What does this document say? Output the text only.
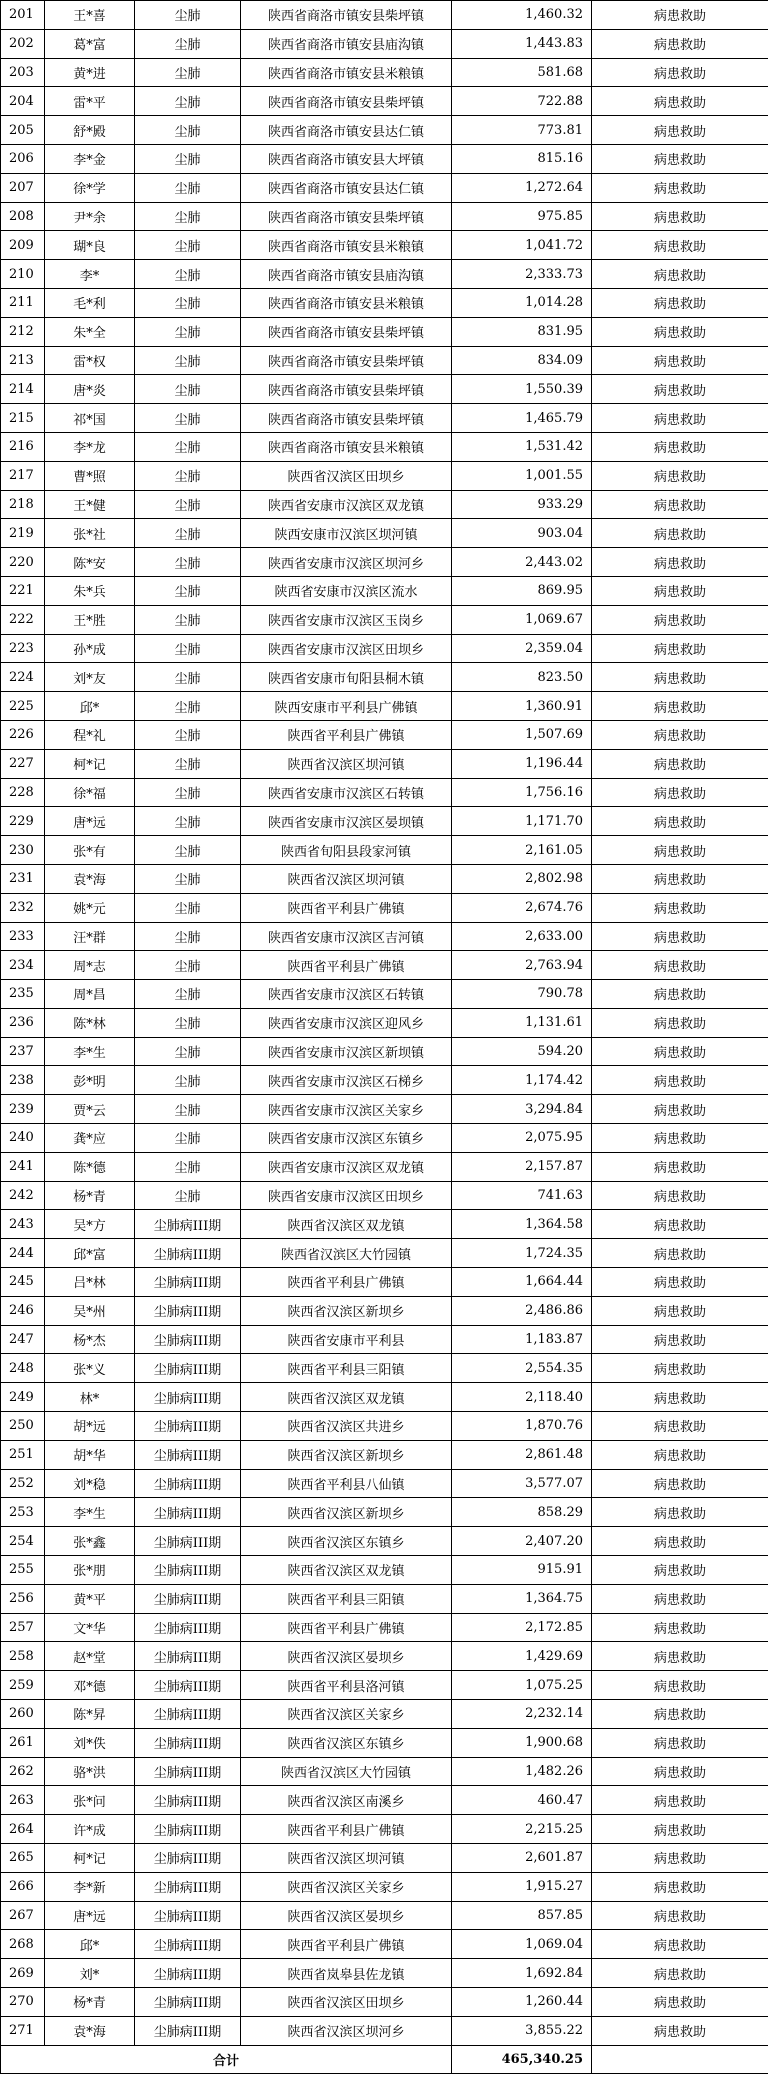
201	王*喜	尘肺	陕西省商洛市镇安县柴坪镇	1,460.32	病患救助
202	葛*富	尘肺	陕西省商洛市镇安县庙沟镇	1,443.83	病患救助
203	黄*进	尘肺	陕西省商洛市镇安县米粮镇	581.68	病患救助
204	雷*平	尘肺	陕西省商洛市镇安县柴坪镇	722.88	病患救助
205	舒*殿	尘肺	陕西省商洛市镇安县达仁镇	773.81	病患救助
206	李*金	尘肺	陕西省商洛市镇安县大坪镇	815.16	病患救助
207	徐*学	尘肺	陕西省商洛市镇安县达仁镇	1,272.64	病患救助
208	尹*余	尘肺	陕西省商洛市镇安县柴坪镇	975.85	病患救助
209	瑚*良	尘肺	陕西省商洛市镇安县米粮镇	1,041.72	病患救助
210	李*	尘肺	陕西省商洛市镇安县庙沟镇	2,333.73	病患救助
211	毛*利	尘肺	陕西省商洛市镇安县米粮镇	1,014.28	病患救助
212	朱*全	尘肺	陕西省商洛市镇安县柴坪镇	831.95	病患救助
213	雷*权	尘肺	陕西省商洛市镇安县柴坪镇	834.09	病患救助
214	唐*炎	尘肺	陕西省商洛市镇安县柴坪镇	1,550.39	病患救助
215	祁*国	尘肺	陕西省商洛市镇安县柴坪镇	1,465.79	病患救助
216	李*龙	尘肺	陕西省商洛市镇安县米粮镇	1,531.42	病患救助
217	曹*照	尘肺	陕西省汉滨区田坝乡	1,001.55	病患救助
218	王*健	尘肺	陕西省安康市汉滨区双龙镇	933.29	病患救助
219	张*社	尘肺	陕西安康市汉滨区坝河镇	903.04	病患救助
220	陈*安	尘肺	陕西省安康市汉滨区坝河乡	2,443.02	病患救助
221	朱*兵	尘肺	陕西省安康市汉滨区流水	869.95	病患救助
222	王*胜	尘肺	陕西省安康市汉滨区玉岗乡	1,069.67	病患救助
223	孙*成	尘肺	陕西省安康市汉滨区田坝乡	2,359.04	病患救助
224	刘*友	尘肺	陕西省安康市旬阳县桐木镇	823.50	病患救助
225	邱*	尘肺	陕西安康市平利县广佛镇	1,360.91	病患救助
226	程*礼	尘肺	陕西省平利县广佛镇	1,507.69	病患救助
227	柯*记	尘肺	陕西省汉滨区坝河镇	1,196.44	病患救助
228	徐*福	尘肺	陕西省安康市汉滨区石转镇	1,756.16	病患救助
229	唐*远	尘肺	陕西省安康市汉滨区晏坝镇	1,171.70	病患救助
230	张*有	尘肺	陕西省旬阳县段家河镇	2,161.05	病患救助
231	袁*海	尘肺	陕西省汉滨区坝河镇	2,802.98	病患救助
232	姚*元	尘肺	陕西省平利县广佛镇	2,674.76	病患救助
233	汪*群	尘肺	陕西省安康市汉滨区吉河镇	2,633.00	病患救助
234	周*志	尘肺	陕西省平利县广佛镇	2,763.94	病患救助
235	周*昌	尘肺	陕西省安康市汉滨区石转镇	790.78	病患救助
236	陈*林	尘肺	陕西省安康市汉滨区迎风乡	1,131.61	病患救助
237	李*生	尘肺	陕西省安康市汉滨区新坝镇	594.20	病患救助
238	彭*明	尘肺	陕西省安康市汉滨区石梯乡	1,174.42	病患救助
239	贾*云	尘肺	陕西省安康市汉滨区关家乡	3,294.84	病患救助
240	龚*应	尘肺	陕西省安康市汉滨区东镇乡	2,075.95	病患救助
241	陈*德	尘肺	陕西省安康市汉滨区双龙镇	2,157.87	病患救助
242	杨*青	尘肺	陕西省安康市汉滨区田坝乡	741.63	病患救助
243	吴*方	尘肺病III期	陕西省汉滨区双龙镇	1,364.58	病患救助
244	邱*富	尘肺病III期	陕西省汉滨区大竹园镇	1,724.35	病患救助
245	吕*林	尘肺病III期	陕西省平利县广佛镇	1,664.44	病患救助
246	吴*州	尘肺病III期	陕西省汉滨区新坝乡	2,486.86	病患救助
247	杨*杰	尘肺病III期	陕西省安康市平利县	1,183.87	病患救助
248	张*义	尘肺病III期	陕西省平利县三阳镇	2,554.35	病患救助
249	林*	尘肺病III期	陕西省汉滨区双龙镇	2,118.40	病患救助
250	胡*远	尘肺病III期	陕西省汉滨区共进乡	1,870.76	病患救助
251	胡*华	尘肺病III期	陕西省汉滨区新坝乡	2,861.48	病患救助
252	刘*稳	尘肺病III期	陕西省平利县八仙镇	3,577.07	病患救助
253	李*生	尘肺病III期	陕西省汉滨区新坝乡	858.29	病患救助
254	张*鑫	尘肺病III期	陕西省汉滨区东镇乡	2,407.20	病患救助
255	张*朋	尘肺病III期	陕西省汉滨区双龙镇	915.91	病患救助
256	黄*平	尘肺病III期	陕西省平利县三阳镇	1,364.75	病患救助
257	文*华	尘肺病III期	陕西省平利县广佛镇	2,172.85	病患救助
258	赵*堂	尘肺病III期	陕西省汉滨区晏坝乡	1,429.69	病患救助
259	邓*德	尘肺病III期	陕西省平利县洛河镇	1,075.25	病患救助
260	陈*昇	尘肺病III期	陕西省汉滨区关家乡	2,232.14	病患救助
261	刘*佚	尘肺病III期	陕西省汉滨区东镇乡	1,900.68	病患救助
262	骆*洪	尘肺病III期	陕西省汉滨区大竹园镇	1,482.26	病患救助
263	张*问	尘肺病III期	陕西省汉滨区南溪乡	460.47	病患救助
264	许*成	尘肺病III期	陕西省平利县广佛镇	2,215.25	病患救助
265	柯*记	尘肺病III期	陕西省汉滨区坝河镇	2,601.87	病患救助
266	李*新	尘肺病III期	陕西省汉滨区关家乡	1,915.27	病患救助
267	唐*远	尘肺病III期	陕西省汉滨区晏坝乡	857.85	病患救助
268	邱*	尘肺病III期	陕西省平利县广佛镇	1,069.04	病患救助
269	刘*	尘肺病III期	陕西省岚皋县佐龙镇	1,692.84	病患救助
270	杨*青	尘肺病III期	陕西省汉滨区田坝乡	1,260.44	病患救助
271	袁*海	尘肺病III期	陕西省汉滨区坝河乡	3,855.22	病患救助
合计				465,340.25	
